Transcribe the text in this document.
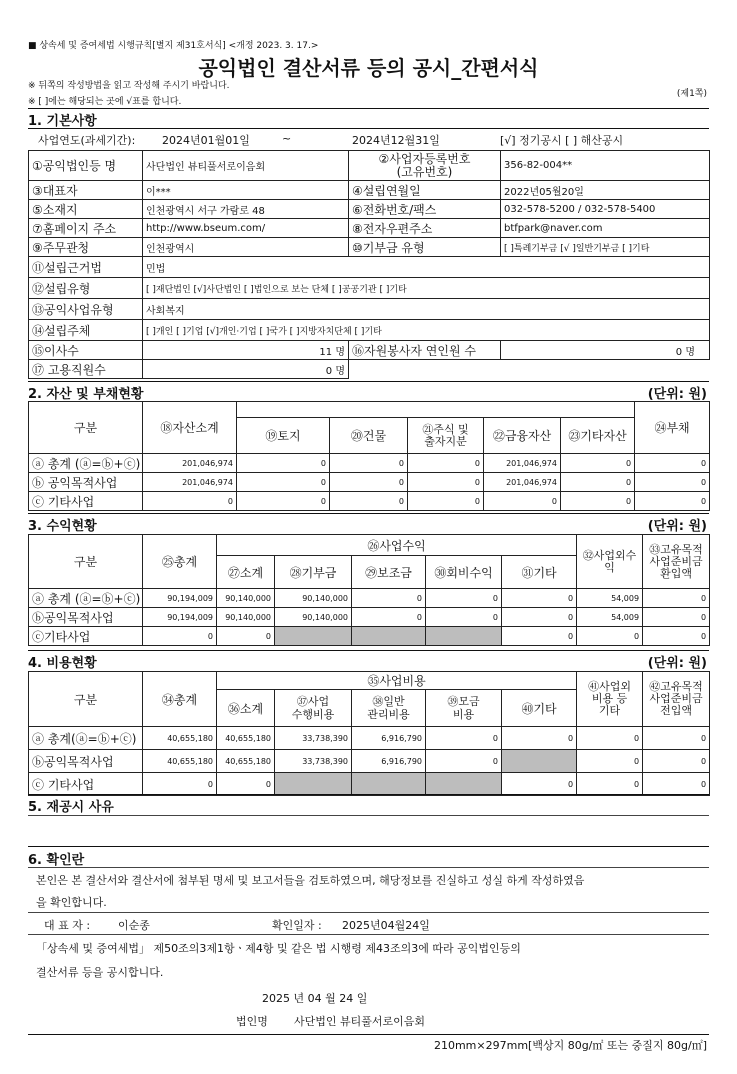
■ 상속세 및 증여세법 시행규칙[별지 제31호서식] <개정 2023. 3. 17.>
공익법인 결산서류 등의 공시_간편서식
※ 뒤쪽의 작성방법을 읽고 작성해 주시기 바랍니다.
※ [ ]에는 해당되는 곳에 √표를 합니다.
(제1쪽)
1. 기본사항
사업연도(과세기간): 2024년01월01일	~	2024년12월31일	[√] 정기공시 [ ] 해산공시
①공익법인등 명	사단법인 뷰티풀서로이음회	②사업자등록번호
(고유번호)	356-82-004**
③대표자	이***	④설립연월일	2022년05월20일
⑤소재지	인천광역시 서구 가람로 48	⑥전화번호/팩스	032-578-5200 / 032-578-5400
⑦홈페이지 주소	http://www.bseum.com/	⑧전자우편주소	btfpark@naver.com
⑨주무관청	인천광역시	⑩기부금 유형	[ ]특례기부금 [√ ]일반기부금 [ ]기타
⑪설립근거법	민법		
⑫설립유형	[ ]재단법인 [√]사단법인 [ ]법인으로 보는 단체 [ ]공공기관 [ ]기타		
⑬공익사업유형	사회복지		
⑭설립주체	[ ]개인 [ ]기업 [√]개인·기업 [ ]국가 [ ]지방자치단체 [ ]기타		
⑮이사수	11 명	⑯자원봉사자 연인원 수	0 명
⑰ 고용직원수	0 명		
2. 자산 및 부채현황	(단위: 원)
구분	⑱자산소계						㉔부채
		⑲토지	⑳건물	㉑주식 및
출자지분	㉒금융자산	㉓기타자산	
ⓐ 총계 (ⓐ=ⓑ+ⓒ)	201,046,974	0	0	0	201,046,974	0	0
ⓑ 공익목적사업	201,046,974	0	0	0	201,046,974	0	0
ⓒ 기타사업	0	0	0	0	0	0	0
3. 수익현황	(단위: 원)
구분	㉕총계	㉖사업수익					㉜사업외수
익	㉝고유목적
사업준비금
환입액
		㉗소계	㉘기부금	㉙보조금	㉚회비수익	㉛기타		
ⓐ 총계 (ⓐ=ⓑ+ⓒ)	90,194,009	90,140,000	90,140,000	0	0	0	54,009	0
ⓑ공익목적사업	90,194,009	90,140,000	90,140,000	0	0	0	54,009	0
ⓒ기타사업	0	0				0	0	0
4. 비용현황	(단위: 원)
구분	㉞총계	㉟사업비용					㊶사업외
비용 등
기타	㊷고유목적
사업준비금
전입액
		㊱소계	㊲사업
수행비용	㊳일반
관리비용	㊴모금
비용	㊵기타		
ⓐ 총계(ⓐ=ⓑ+ⓒ)	40,655,180	40,655,180	33,738,390	6,916,790	0	0	0	0
ⓑ공익목적사업	40,655,180	40,655,180	33,738,390	6,916,790	0		0	0
ⓒ 기타사업	0	0				0	0	0
5. 재공시 사유
6. 확인란
본인은 본 결산서와 결산서에 첨부된 명세 및 보고서들을 검토하였으며, 해당정보를 진실하고 성실 하게 작성하였음
을 확인합니다.
대 표 자 :	이순종	확인일자 : 2025년04월24일
「상속세 및 증여세법」 제50조의3제1항ㆍ제4항 및 같은 법 시행령 제43조의3에 따라 공익법인등의
결산서류 등을 공시합니다.
2025 년 04 월 24 일
법인명 사단법인 뷰티풀서로이음회
210mm×297mm[백상지 80g/㎡ 또는 중질지 80g/㎡]
